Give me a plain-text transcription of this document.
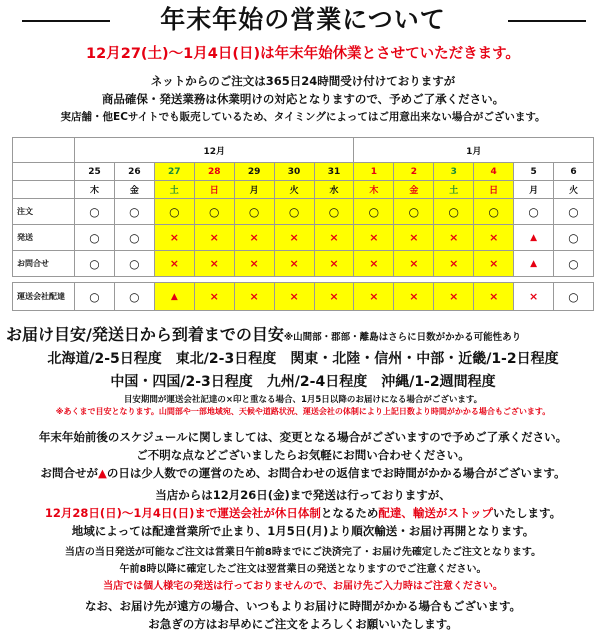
年末年始の営業について
12月27(土)〜1月4日(日)は年末年始休業とさせていただきます。
ネットからのご注文は365日24時間受け付けておりますが
商品確保・発送業務は休業明けの対応となりますので、予めご了承ください。
実店舗・他ECサイトでも販売しているため、タイミングによってはご用意出来ない場合がございます。
	12月							1月					
	25	26	27	28	29	30	31	1	2	3	4	5	6
	木	金	土	日	月	火	水	木	金	土	日	月	火
注文	○	○	○	○	○	○	○	○	○	○	○	○	○
発送	○	○	×	×	×	×	×	×	×	×	×	▲	○
お問合せ	○	○	×	×	×	×	×	×	×	×	×	▲	○

運送会社配達	○	○	▲	×	×	×	×	×	×	×	×	×	○
お届け目安/発送日から到着までの目安※山間部・郡部・離島はさらに日数がかかる可能性あり
北海道/2-5日程度　東北/2-3日程度　関東・北陸・信州・中部・近畿/1-2日程度
中国・四国/2-3日程度　九州/2-4日程度　沖縄/1-2週間程度
目安期間が運送会社記達の×印と重なる場合、1月5日以降のお届けになる場合がございます。
※あくまで目安となります。山間部や一部地域宛、天候や道路状況、運送会社の体制により上記日数より時間がかかる場合もございます。
年末年始前後のスケジュールに関しましては、変更となる場合がございますので予めご了承ください。
ご不明な点などございましたらお気軽にお問い合わせください。
お問合せが▲の日は少人数での運営のため、お問合わせの返信までお時間がかかる場合がございます。
当店からは12月26日(金)まで発送は行っておりますが、
12月28日(日)〜1月4日(日)まで運送会社が休日体制となるため配達、輸送がストップいたします。
地域によっては配達営業所で止まり、1月5日(月)より順次輸送・お届け再開となります。
当店の当日発送が可能なご注文は営業日午前8時までにご決済完了・お届け先確定したご注文となります。
午前8時以降に確定したご注文は翌営業日の発送となりますのでご注意ください。
当店では個人様宅の発送は行っておりませんので、お届け先ご入力時はご注意ください。
なお、お届け先が遠方の場合、いつもよりお届けに時間がかかる場合もございます。
お急ぎの方はお早めにご注文をよろしくお願いいたします。
